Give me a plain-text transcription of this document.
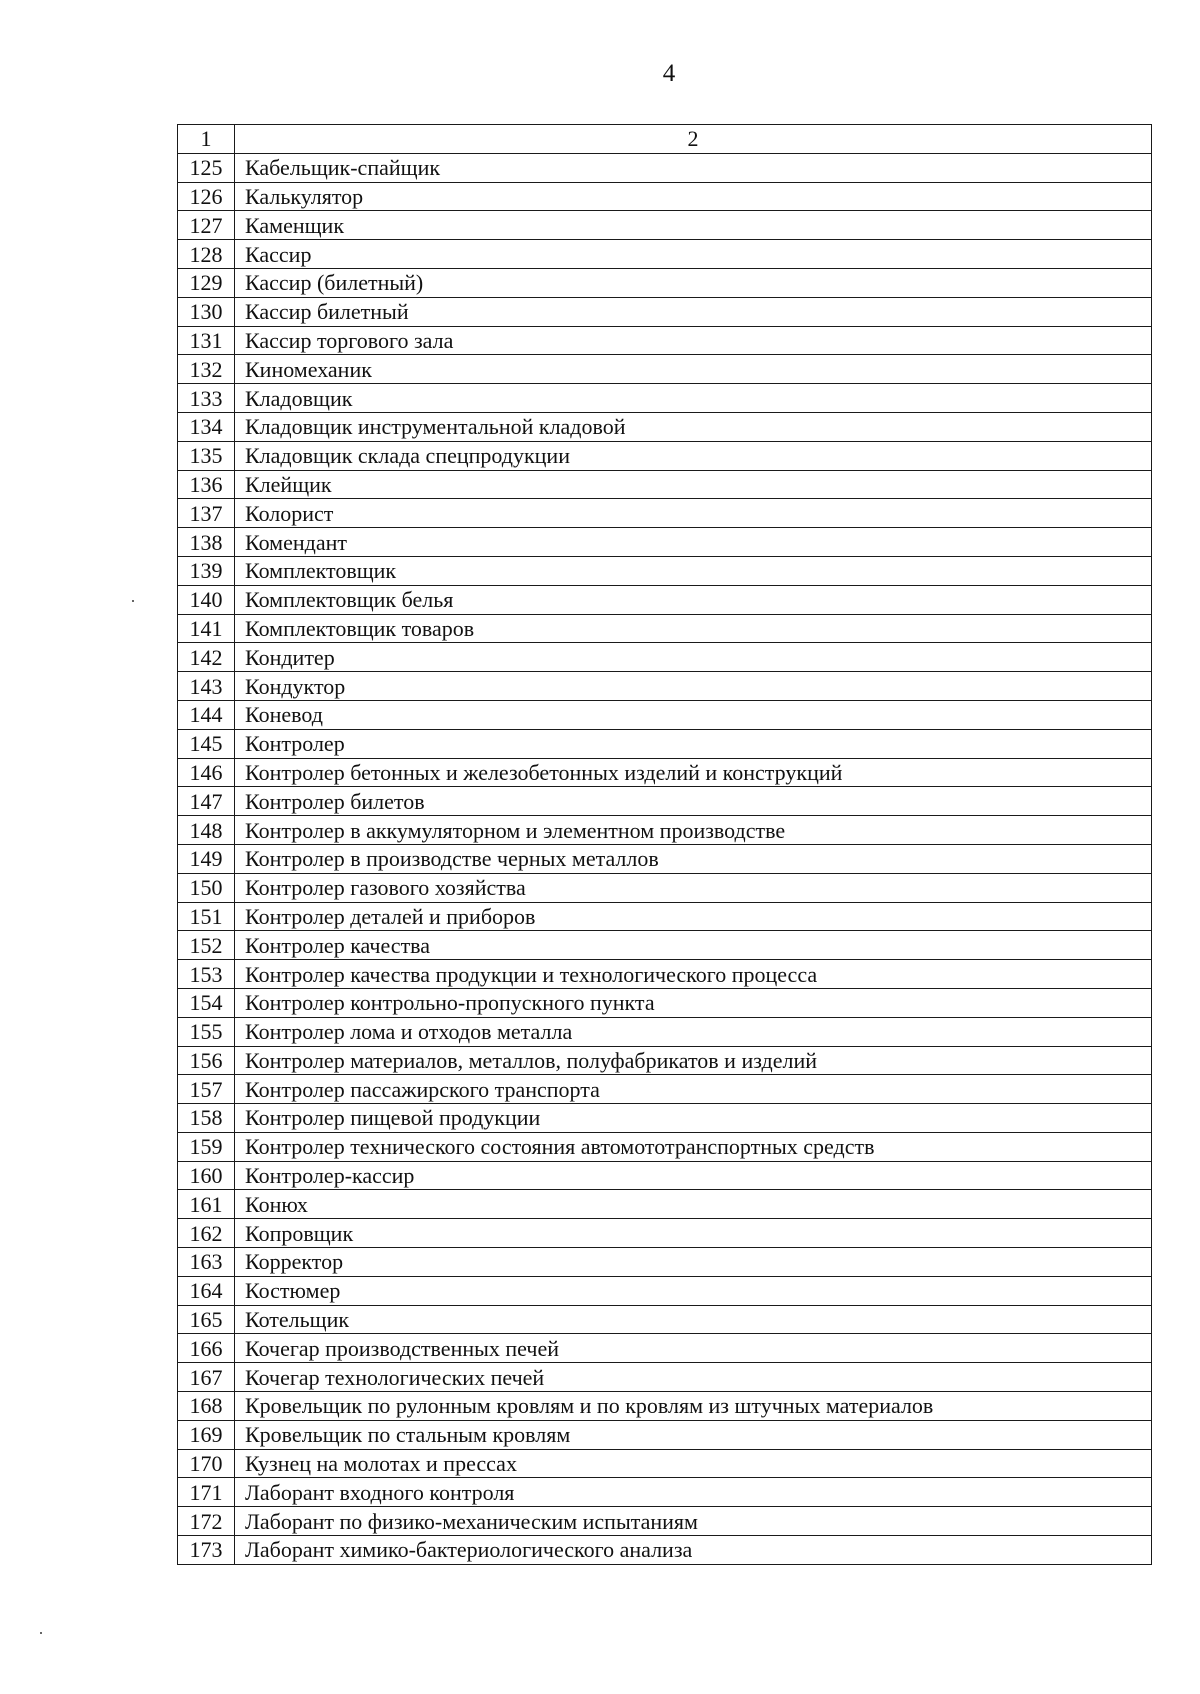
4
1	2
125	Кабельщик-спайщик
126	Калькулятор
127	Каменщик
128	Кассир
129	Кассир (билетный)
130	Кассир билетный
131	Кассир торгового зала
132	Киномеханик
133	Кладовщик
134	Кладовщик инструментальной кладовой
135	Кладовщик склада спецпродукции
136	Клейщик
137	Колорист
138	Комендант
139	Комплектовщик
140	Комплектовщик белья
141	Комплектовщик товаров
142	Кондитер
143	Кондуктор
144	Коневод
145	Контролер
146	Контролер бетонных и железобетонных изделий и конструкций
147	Контролер билетов
148	Контролер в аккумуляторном и элементном производстве
149	Контролер в производстве черных металлов
150	Контролер газового хозяйства
151	Контролер деталей и приборов
152	Контролер качества
153	Контролер качества продукции и технологического процесса
154	Контролер контрольно-пропускного пункта
155	Контролер лома и отходов металла
156	Контролер материалов, металлов, полуфабрикатов и изделий
157	Контролер пассажирского транспорта
158	Контролер пищевой продукции
159	Контролер технического состояния автомототранспортных средств
160	Контролер-кассир
161	Конюх
162	Копровщик
163	Корректор
164	Костюмер
165	Котельщик
166	Кочегар производственных печей
167	Кочегар технологических печей
168	Кровельщик по рулонным кровлям и по кровлям из штучных материалов
169	Кровельщик по стальным кровлям
170	Кузнец на молотах и прессах
171	Лаборант входного контроля
172	Лаборант по физико-механическим испытаниям
173	Лаборант химико-бактериологического анализа
